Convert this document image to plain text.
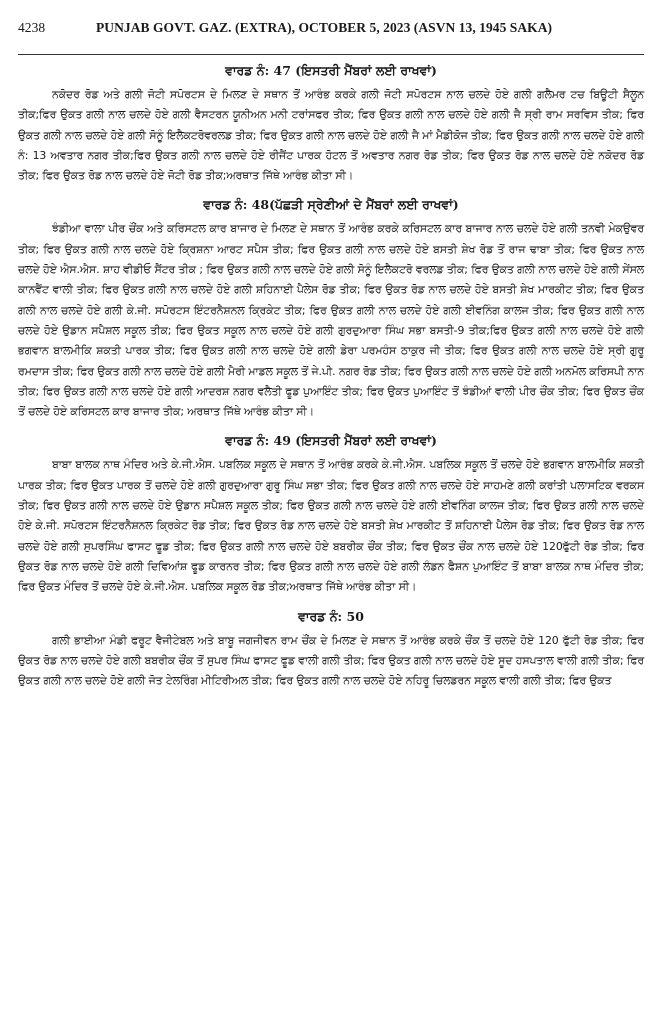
4238	PUNJAB GOVT. GAZ. (EXTRA), OCTOBER 5, 2023 (ASVN 13, 1945 SAKA)
ਵਾਰਡ ਨੰ: 47 (ਇਸਤਰੀ ਮੈਂਬਰਾਂ ਲਈ ਰਾਖਵਾਂ)

ਨਕੋਦਰ ਰੋਡ ਅਤੇ ਗਲੀ ਜੋਟੀ ਸਪੋਰਟਸ ਦੇ ਮਿਲਣ ਦੇ ਸਥਾਨ ਤੋਂ ਆਰੰਭ ਕਰਕੇ ਗਲੀ ਜੋਟੀ ਸਪੋਰਟਸ ਨਾਲ ਚਲਦੇ ਹੋਏ ਗਲੀ ਗਲੈਮਰ ਟਚ ਬਿਊਟੀ ਸੈਲੂਨ ਤੀਕ;ਫਿਰ ਉਕਤ ਗਲੀ ਨਾਲ ਚਲਦੇ ਹੋਏ ਗਲੀ ਵੈਸਟਰਨ ਯੂਨੀਅਨ ਮਨੀ ਟਰਾਂਸਫਰ ਤੀਕ; ਫਿਰ ਉਕਤ ਗਲੀ ਨਾਲ ਚਲਦੇ ਹੋਏ ਗਲੀ ਜੈ ਸ੍ਰੀ ਰਾਮ ਸਰਵਿਸ ਤੀਕ; ਫਿਰ ਉਕਤ ਗਲੀ ਨਾਲ ਚਲਦੇ ਹੋਏ ਗਲੀ ਸੋਨੂੰ ਇਲੈਕਟਰੋਵਰਲਡ ਤੀਕ; ਫਿਰ ਉਕਤ ਗਲੀ ਨਾਲ ਚਲਦੇ ਹੋਏ ਗਲੀ ਜੈ ਮਾਂ ਮੈਡੀਕੋਜ ਤੀਕ; ਫਿਰ ਉਕਤ ਗਲੀ ਨਾਲ ਚਲਦੇ ਹੋਏ ਗਲੀ ਨੰ: 13 ਅਵਤਾਰ ਨਗਰ ਤੀਕ;ਫਿਰ ਉਕਤ ਗਲੀ ਨਾਲ ਚਲਦੇ ਹੋਏ ਰੀਜੈਂਟ ਪਾਰਕ ਹੋਟਲ ਤੋਂ ਅਵਤਾਰ ਨਗਰ ਰੋਡ ਤੀਕ; ਫਿਰ ਉਕਤ ਰੋਡ ਨਾਲ ਚਲਦੇ ਹੋਏ ਨਕੋਦਰ ਰੋਡ ਤੀਕ; ਫਿਰ ਉਕਤ ਰੋਡ ਨਾਲ ਚਲਦੇ ਹੋਏ ਜੋਟੀ ਰੋਡ ਤੀਕ;ਅਰਥਾਤ ਜਿੱਥੇ ਆਰੰਭ ਕੀਤਾ ਸੀ।

ਵਾਰਡ ਨੰ: 48(ਪੱਛੜੀ ਸ੍ਰੇਣੀਆਂ ਦੇ ਮੈਂਬਰਾਂ ਲਈ ਰਾਖਵਾਂ)

ਝੰਡੀਆ ਵਾਲਾ ਪੀਰ ਚੌਂਕ ਅਤੇ ਕਰਿਸਟਲ ਕਾਰ ਬਾਜਾਰ ਦੇ ਮਿਲਣ ਦੇ ਸਥਾਨ ਤੋਂ ਆਰੰਭ ਕਰਕੇ ਕਰਿਸਟਲ ਕਾਰ ਬਾਜਾਰ ਨਾਲ ਚਲਦੇ ਹੋਏ ਗਲੀ ਤਨਵੀ ਮੇਕਉਵਰ ਤੀਕ; ਫਿਰ ਉਕਤ ਗਲੀ ਨਾਲ ਚਲਦੇ ਹੋਏ ਕ੍ਰਿਸ਼ਨਾ ਆਰਟ ਸਪੈਸ ਤੀਕ; ਫਿਰ ਉਕਤ ਗਲੀ ਨਾਲ ਚਲਦੇ ਹੋਏ ਬਸਤੀ ਸ਼ੇਖ ਰੋਡ ਤੋਂ ਰਾਜ ਢਾਬਾ ਤੀਕ; ਫਿਰ ਉਕਤ ਨਾਲ ਚਲਦੇ ਹੋਏ ਐਸ.ਐਸ. ਸ਼ਾਹ ਵੀਡੀਓ ਸੈਂਟਰ ਤੀਕ ; ਫਿਰ ਉਕਤ ਗਲੀ ਨਾਲ ਚਲਦੇ ਹੋਏ ਗਲੀ ਸੋਨੂੰ ਇਲੈਕਟਰੋ ਵਰਲਡ ਤੀਕ; ਫਿਰ ਉਕਤ ਗਲੀ ਨਾਲ ਚਲਦੇ ਹੋਏ ਗਲੀ ਸੇਂਸਲ ਕਾਨਵੈਂਟ ਵਾਲੀ ਤੀਕ; ਫਿਰ ਉਕਤ ਗਲੀ ਨਾਲ ਚਲਦੇ ਹੋਏ ਗਲੀ ਸ਼ਹਿਨਾਈ ਪੈਲੇਸ ਰੋਡ ਤੀਕ; ਫਿਰ ਉਕਤ ਰੋਡ ਨਾਲ ਚਲਦੇ ਹੋਏ ਬਸਤੀ ਸ਼ੇਖ ਮਾਰਕੀਟ ਤੀਕ; ਫਿਰ ਉਕਤ ਗਲੀ ਨਾਲ ਚਲਦੇ ਹੋਏ ਗਲੀ ਕੇ.ਜੀ. ਸਪੋਰਟਸ ਇੰਟਰਨੈਸ਼ਨਲ ਕ੍ਰਿਕੇਟ ਤੀਕ; ਫਿਰ ਉਕਤ ਗਲੀ ਨਾਲ ਚਲਦੇ ਹੋਏ ਗਲੀ ਈਵਨਿੰਗ ਕਾਲਜ ਤੀਕ; ਫਿਰ ਉਕਤ ਗਲੀ ਨਾਲ ਚਲਦੇ ਹੋਏ ਉਡਾਨ ਸਪੈਸ਼ਲ ਸਕੂਲ ਤੀਕ; ਫਿਰ ਉਕਤ ਸਕੂਲ ਨਾਲ ਚਲਦੇ ਹੋਏ ਗਲੀ ਗੁਰਦੁਆਰਾ ਸਿੰਘ ਸਭਾ ਬਸਤੀ-9 ਤੀਕ;ਫਿਰ ਉਕਤ ਗਲੀ ਨਾਲ ਚਲਦੇ ਹੋਏ ਗਲੀ ਭਗਵਾਨ ਬਾਲਮੀਕਿ ਸ਼ਕਤੀ ਪਾਰਕ ਤੀਕ; ਫਿਰ ਉਕਤ ਗਲੀ ਨਾਲ ਚਲਦੇ ਹੋਏ ਗਲੀ ਡੇਰਾ ਪਰਮਹੰਸ ਠਾਕੁਰ ਜੀ ਤੀਕ; ਫਿਰ ਉਕਤ ਗਲੀ ਨਾਲ ਚਲਦੇ ਹੋਏ ਸ੍ਰੀ ਗੁਰੂ ਰਮਦਾਸ ਤੀਕ; ਫਿਰ ਉਕਤ ਗਲੀ ਨਾਲ ਚਲਦੇ ਹੋਏ ਗਲੀ ਮੈਰੀ ਮਾਡਲ ਸਕੂਲ ਤੋਂ ਜੇ.ਪੀ. ਨਗਰ ਰੋਡ ਤੀਕ; ਫਿਰ ਉਕਤ ਗਲੀ ਨਾਲ ਚਲਦੇ ਹੋਏ ਗਲੀ ਅਨਮੋਲ ਕਰਿਸਪੀ ਨਾਨ ਤੀਕ; ਫਿਰ ਉਕਤ ਗਲੀ ਨਾਲ ਚਲਦੇ ਹੋਏ ਗਲੀ ਆਦਰਸ਼ ਨਗਰ ਵਲੈਤੀ ਫੂਡ ਪੁਆਇੰਟ ਤੀਕ; ਫਿਰ ਉਕਤ ਪੁਆਇੰਟ ਤੋਂ ਝੰਡੀਆਂ ਵਾਲੀ ਪੀਰ ਚੌਂਕ ਤੀਕ; ਫਿਰ ਉਕਤ ਚੌਂਕ ਤੋਂ ਚਲਦੇ ਹੋਏ ਕਰਿਸਟਲ ਕਾਰ ਬਾਜਾਰ ਤੀਕ; ਅਰਥਾਤ ਜਿੱਥੇ ਆਰੰਭ ਕੀਤਾ ਸੀ।

ਵਾਰਡ ਨੰ: 49 (ਇਸਤਰੀ ਮੈਂਬਰਾਂ ਲਈ ਰਾਖਵਾਂ)

ਬਾਬਾ ਬਾਲਕ ਨਾਥ ਮੰਦਿਰ ਅਤੇ ਕੇ.ਜੀ.ਐਸ. ਪਬਲਿਕ ਸਕੂਲ ਦੇ ਸਥਾਨ ਤੋਂ ਆਰੰਭ ਕਰਕੇ ਕੇ.ਜੀ.ਐਸ. ਪਬਲਿਕ ਸਕੂਲ ਤੋਂ ਚਲਦੇ ਹੋਏ ਭਗਵਾਨ ਬਾਲਮੀਕਿ ਸ਼ਕਤੀ ਪਾਰਕ ਤੀਕ; ਫਿਰ ਉਕਤ ਪਾਰਕ ਤੋਂ ਚਲਦੇ ਹੋਏ ਗਲੀ ਗੁਰਦੁਆਰਾ ਗੁਰੂ ਸਿੰਘ ਸਭਾ ਤੀਕ; ਫਿਰ ਉਕਤ ਗਲੀ ਨਾਲ ਚਲਦੇ ਹੋਏ ਸਾਹਮਣੇ ਗਲੀ ਕਰਾਂਤੀ ਪਲਾਸਟਿਕ ਵਰਕਸ ਤੀਕ; ਫਿਰ ਉਕਤ ਗਲੀ ਨਾਲ ਚਲਦੇ ਹੋਏ ਉਡਾਨ ਸਪੈਸ਼ਲ ਸਕੂਲ ਤੀਕ; ਫਿਰ ਉਕਤ ਗਲੀ ਨਾਲ ਚਲਦੇ ਹੋਏ ਗਲੀ ਈਵਨਿੰਗ ਕਾਲਜ ਤੀਕ; ਫਿਰ ਉਕਤ ਗਲੀ ਨਾਲ ਚਲਦੇ ਹੋਏ ਕੇ.ਜੀ. ਸਪੋਰਟਸ ਇੰਟਰਨੈਸ਼ਨਲ ਕ੍ਰਿਕੇਟ ਰੋਡ ਤੀਕ; ਫਿਰ ਉਕਤ ਰੋਡ ਨਾਲ ਚਲਦੇ ਹੋਏ ਬਸਤੀ ਸ਼ੇਖ ਮਾਰਕੀਟ ਤੋਂ ਸ਼ਹਿਨਾਈ ਪੈਲੇਸ ਰੋਡ ਤੀਕ; ਫਿਰ ਉਕਤ ਰੋਡ ਨਾਲ ਚਲਦੇ ਹੋਏ ਗਲੀ ਸੁਪਰਸਿੰਘ ਫਾਸਟ ਫੂਡ ਤੀਕ; ਫਿਰ ਉਕਤ ਗਲੀ ਨਾਲ ਚਲਦੇ ਹੋਏ ਬਬਰੀਕ ਚੌਂਕ ਤੀਕ; ਫਿਰ ਉਕਤ ਚੌਂਕ ਨਾਲ ਚਲਦੇ ਹੋਏ 120ਫੁੱਟੀ ਰੋਡ ਤੀਕ; ਫਿਰ ਉਕਤ ਰੋਡ ਨਾਲ ਚਲਦੇ ਹੋਏ ਗਲੀ ਦਿਵਿਆਂਸ਼ ਫੂਡ ਕਾਰਨਰ ਤੀਕ; ਫਿਰ ਉਕਤ ਗਲੀ ਨਾਲ ਚਲਦੇ ਹੋਏ ਗਲੀ ਲੰਡਨ ਫੈਸ਼ਨ ਪੁਆਇੰਟ ਤੋਂ ਬਾਬਾ ਬਾਲਕ ਨਾਥ ਮੰਦਿਰ ਤੀਕ; ਫਿਰ ਉਕਤ ਮੰਦਿਰ ਤੋਂ ਚਲਦੇ ਹੋਏ ਕੇ.ਜੀ.ਐਸ. ਪਬਲਿਕ ਸਕੂਲ ਰੋਡ ਤੀਕ;ਅਰਥਾਤ ਜਿੱਥੇ ਆਰੰਭ ਕੀਤਾ ਸੀ।

ਵਾਰਡ ਨੰ: 50

ਗਲੀ ਭਾਈਆ ਮੰਡੀ ਫਰੂਟ ਵੈਜੀਟੇਬਲ ਅਤੇ ਬਾਬੂ ਜਗਜੀਵਨ ਰਾਮ ਚੌਂਕ ਦੇ ਮਿਲਣ ਦੇ ਸਥਾਨ ਤੋਂ ਆਰੰਭ ਕਰਕੇ ਚੌਂਕ ਤੋਂ ਚਲਦੇ ਹੋਏ 120 ਫੁੱਟੀ ਰੋਡ ਤੀਕ; ਫਿਰ ਉਕਤ ਰੋਡ ਨਾਲ ਚਲਦੇ ਹੋਏ ਗਲੀ ਬਬਰੀਕ ਚੌਂਕ ਤੋਂ ਸੁਪਰ ਸਿੰਘ ਫਾਸਟ ਫੂਡ ਵਾਲੀ ਗਲੀ ਤੀਕ; ਫਿਰ ਉਕਤ ਗਲੀ ਨਾਲ ਚਲਦੇ ਹੋਏ ਸੂਦ ਹਸਪਤਾਲ ਵਾਲੀ ਗਲੀ ਤੀਕ; ਫਿਰ ਉਕਤ ਗਲੀ ਨਾਲ ਚਲਦੇ ਹੋਏ ਗਲੀ ਜੋਤ ਟੇਲਰਿੰਗ ਮੀਟਿਰੀਅਲ ਤੀਕ; ਫਿਰ ਉਕਤ ਗਲੀ ਨਾਲ ਚਲਦੇ ਹੋਏ ਨਹਿਰੂ ਚਿਲਡਰਨ ਸਕੂਲ ਵਾਲੀ ਗਲੀ ਤੀਕ; ਫਿਰ ਉਕਤ
